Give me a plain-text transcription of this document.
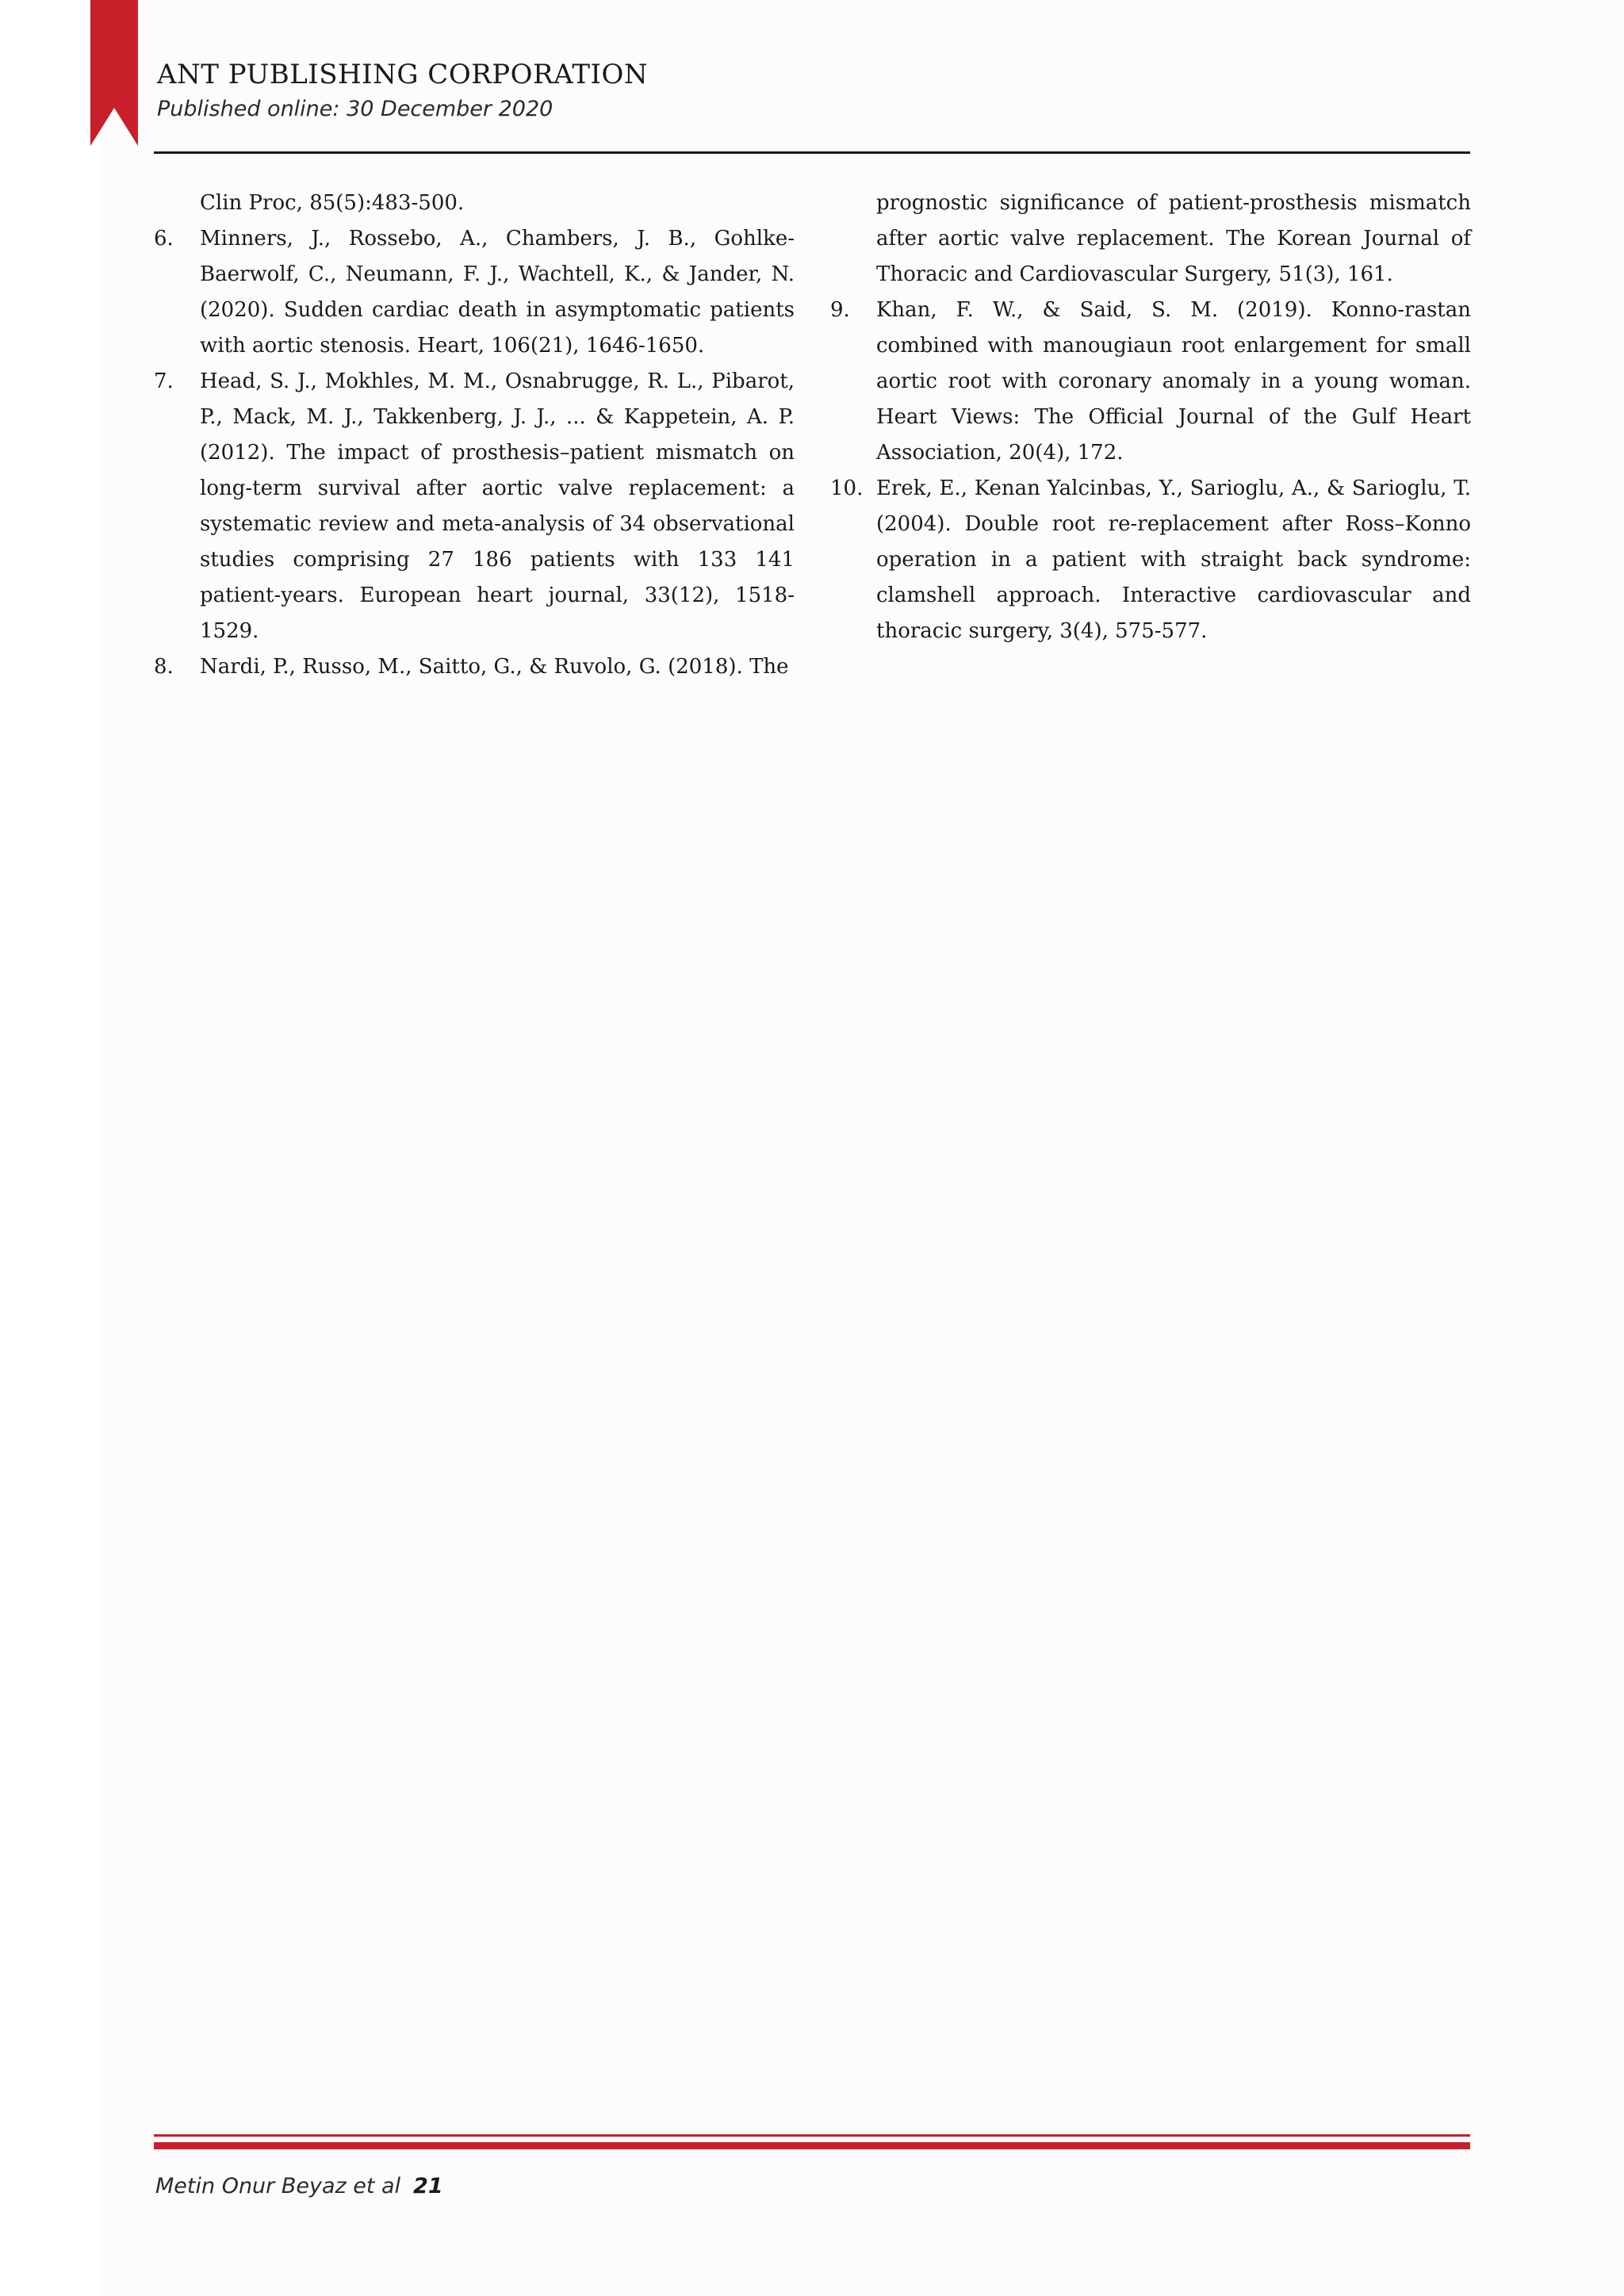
ANT PUBLISHING CORPORATION
Published online: 30 December 2020

Clin Proc, 85(5):483-500.

6. Minners, J., Rossebo, A., Chambers, J. B., Gohlke-Baerwolf, C., Neumann, F. J., Wachtell, K., & Jander, N. (2020). Sudden cardiac death in asymptomatic patients with aortic stenosis. Heart, 106(21), 1646-1650.

7. Head, S. J., Mokhles, M. M., Osnabrugge, R. L., Pibarot, P., Mack, M. J., Takkenberg, J. J., ... & Kappetein, A. P. (2012). The impact of prosthesis–patient mismatch on long-term survival after aortic valve replacement: a systematic review and meta-analysis of 34 observational studies comprising 27 186 patients with 133 141 patient-years. European heart journal, 33(12), 1518-1529.

8. Nardi, P., Russo, M., Saitto, G., & Ruvolo, G. (2018). The

prognostic significance of patient-prosthesis mismatch after aortic valve replacement. The Korean Journal of Thoracic and Cardiovascular Surgery, 51(3), 161.

9. Khan, F. W., & Said, S. M. (2019). Konno-rastan combined with manougiaun root enlargement for small aortic root with coronary anomaly in a young woman. Heart Views: The Official Journal of the Gulf Heart Association, 20(4), 172.

10. Erek, E., Kenan Yalcinbas, Y., Sarioglu, A., & Sarioglu, T. (2004). Double root re-replacement after Ross–Konno operation in a patient with straight back syndrome: clamshell approach. Interactive cardiovascular and thoracic surgery, 3(4), 575-577.

Metin Onur Beyaz et al 21
